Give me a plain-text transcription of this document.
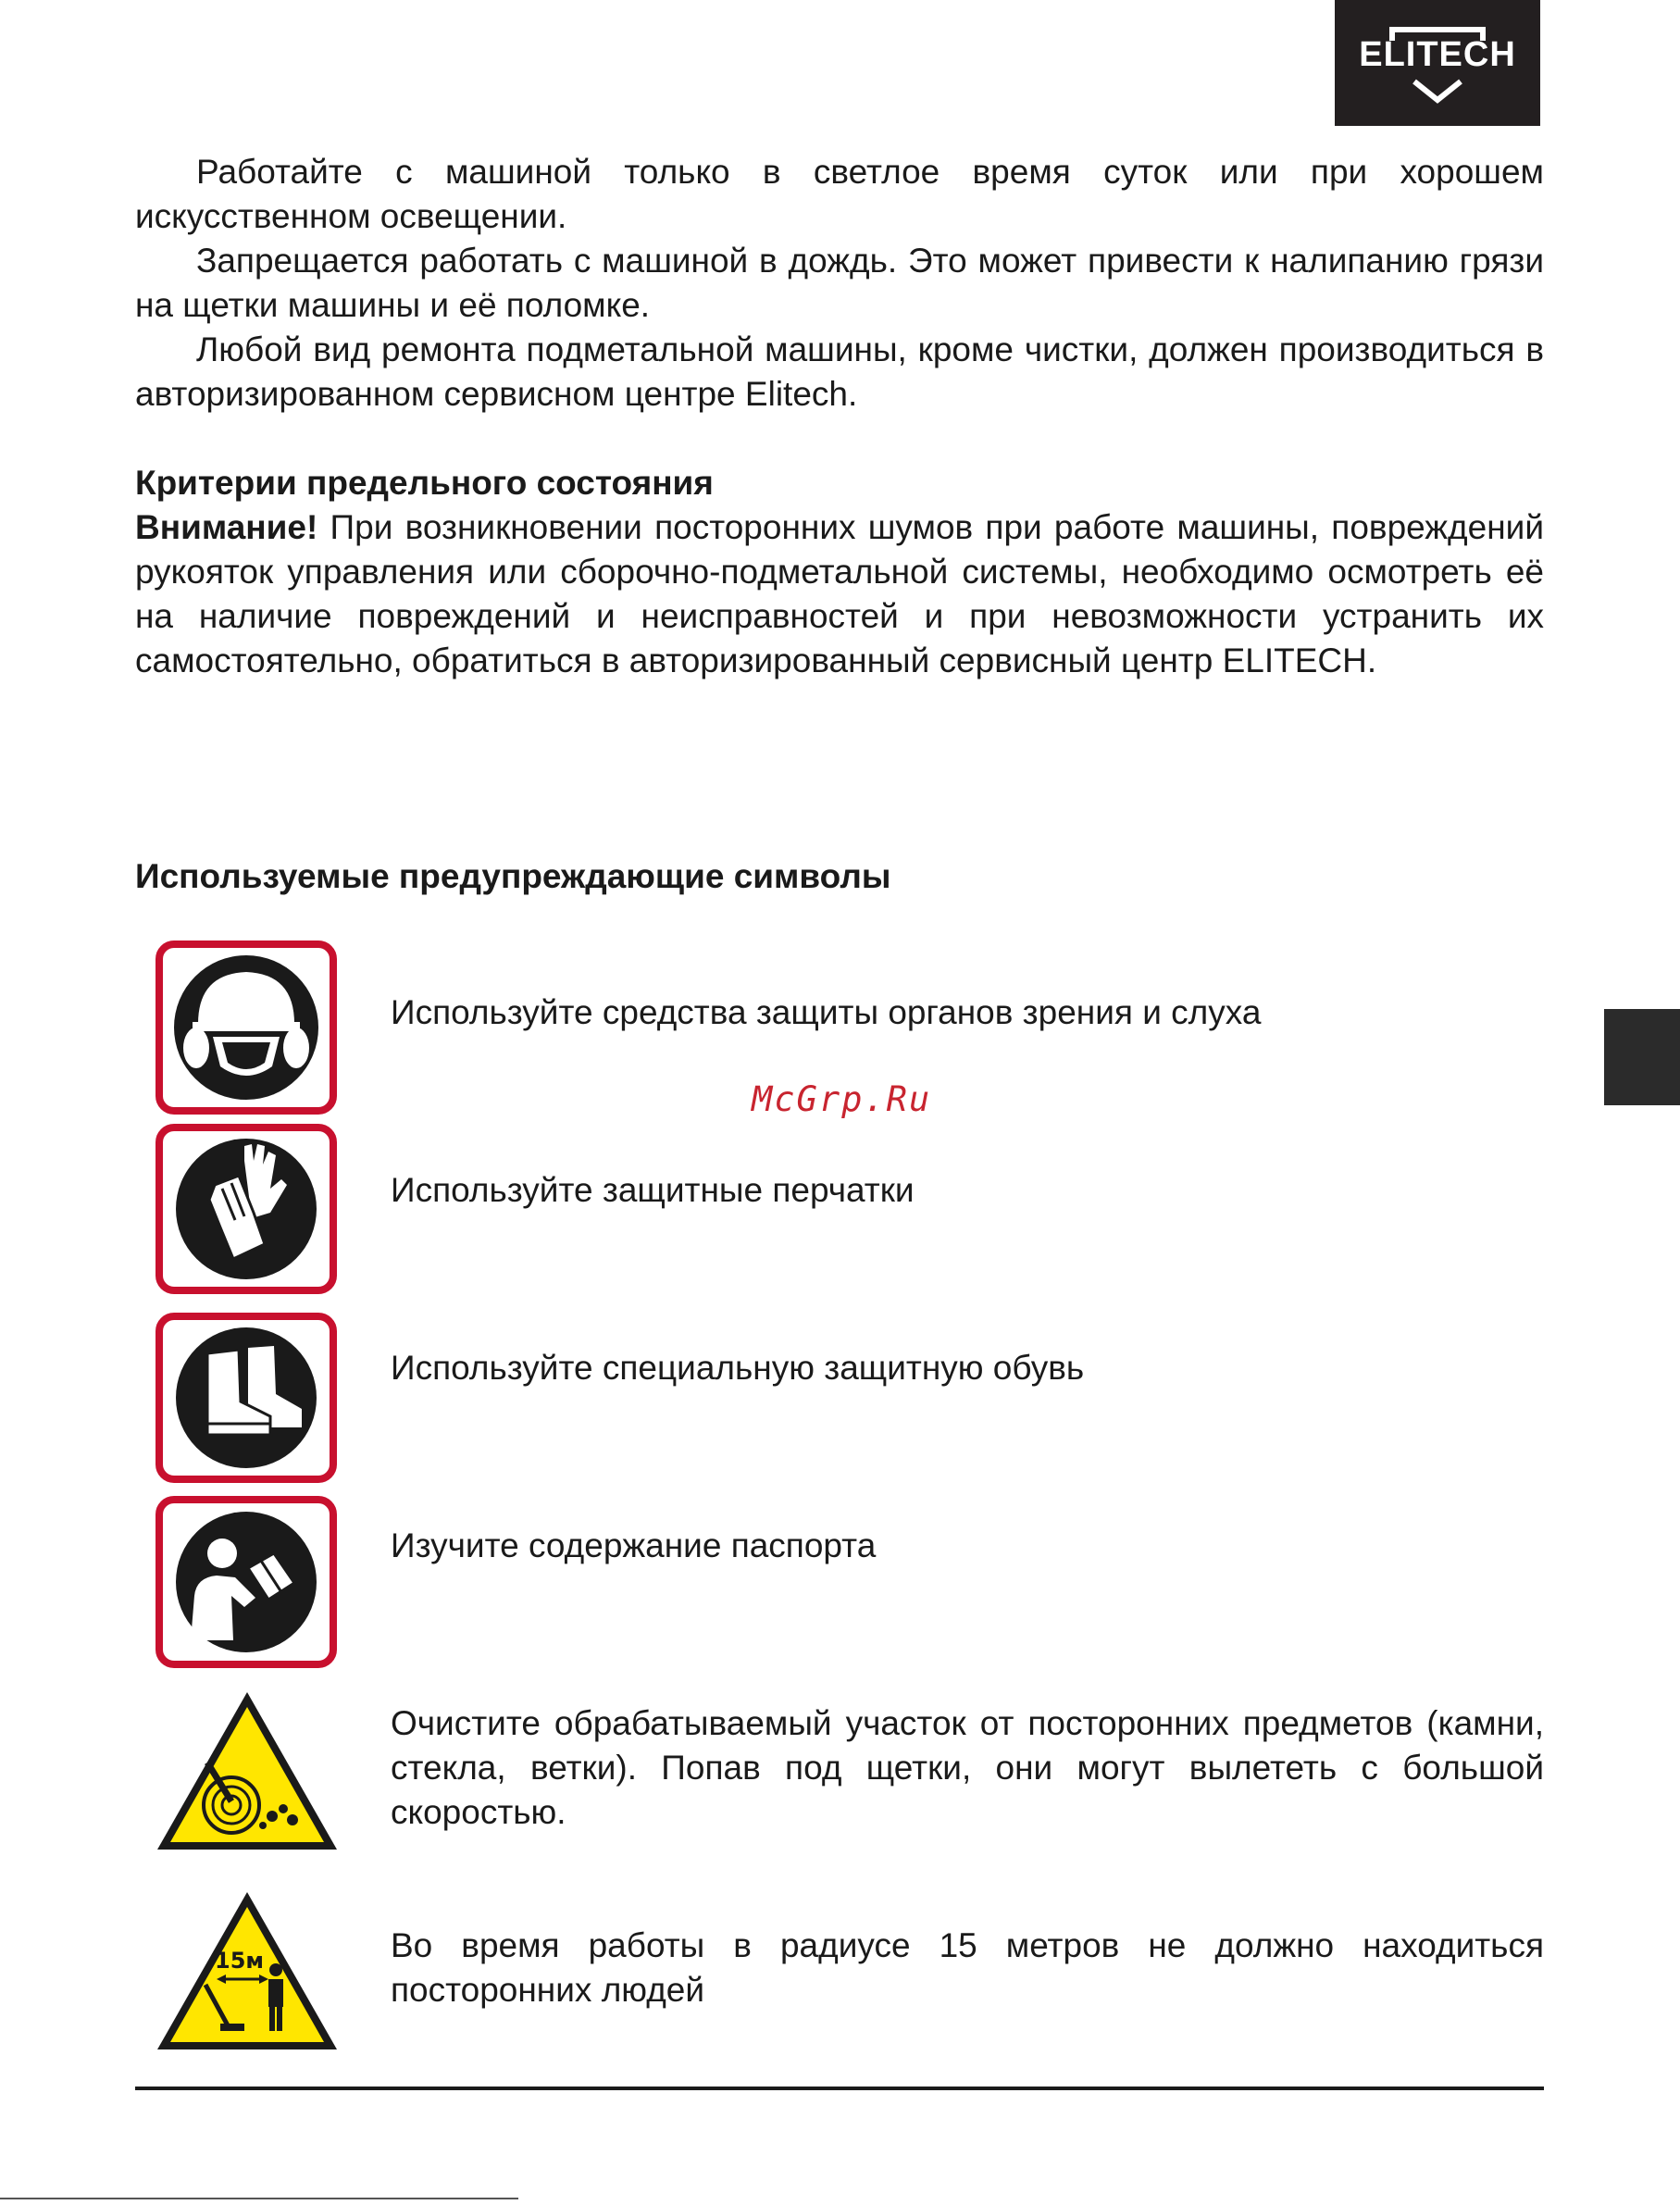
ELITECH

Работайте с машиной только в светлое время суток или при хорошем искусственном освещении.

Запрещается работать с машиной в дождь. Это может привести к налипанию грязи на щетки машины и её поломке.

Любой вид ремонта подметальной машины, кроме чистки, должен производиться в авторизированном сервисном центре Elitech.

Критерии предельного состояния

Внимание! При возникновении посторонних шумов при работе машины, повреждений рукояток управления или сборочно-подметальной системы, необходимо осмотреть её на наличие повреждений и неисправностей и при невозможности устранить их самостоятельно, обратиться в авторизированный сервисный центр ELITECH.

Используемые предупреждающие символы
McGrp.Ru
Используйте средства защиты органов зрения и слуха
Используйте защитные перчатки
Используйте специальную защитную обувь
Изучите содержание паспорта
Очистите обрабатываемый участок от посторонних предметов (камни, стекла, ветки). Попав под щетки, они могут вылететь с большой скоростью.
15м	Во время работы в радиусе 15 метров не должно находиться посторонних людей
